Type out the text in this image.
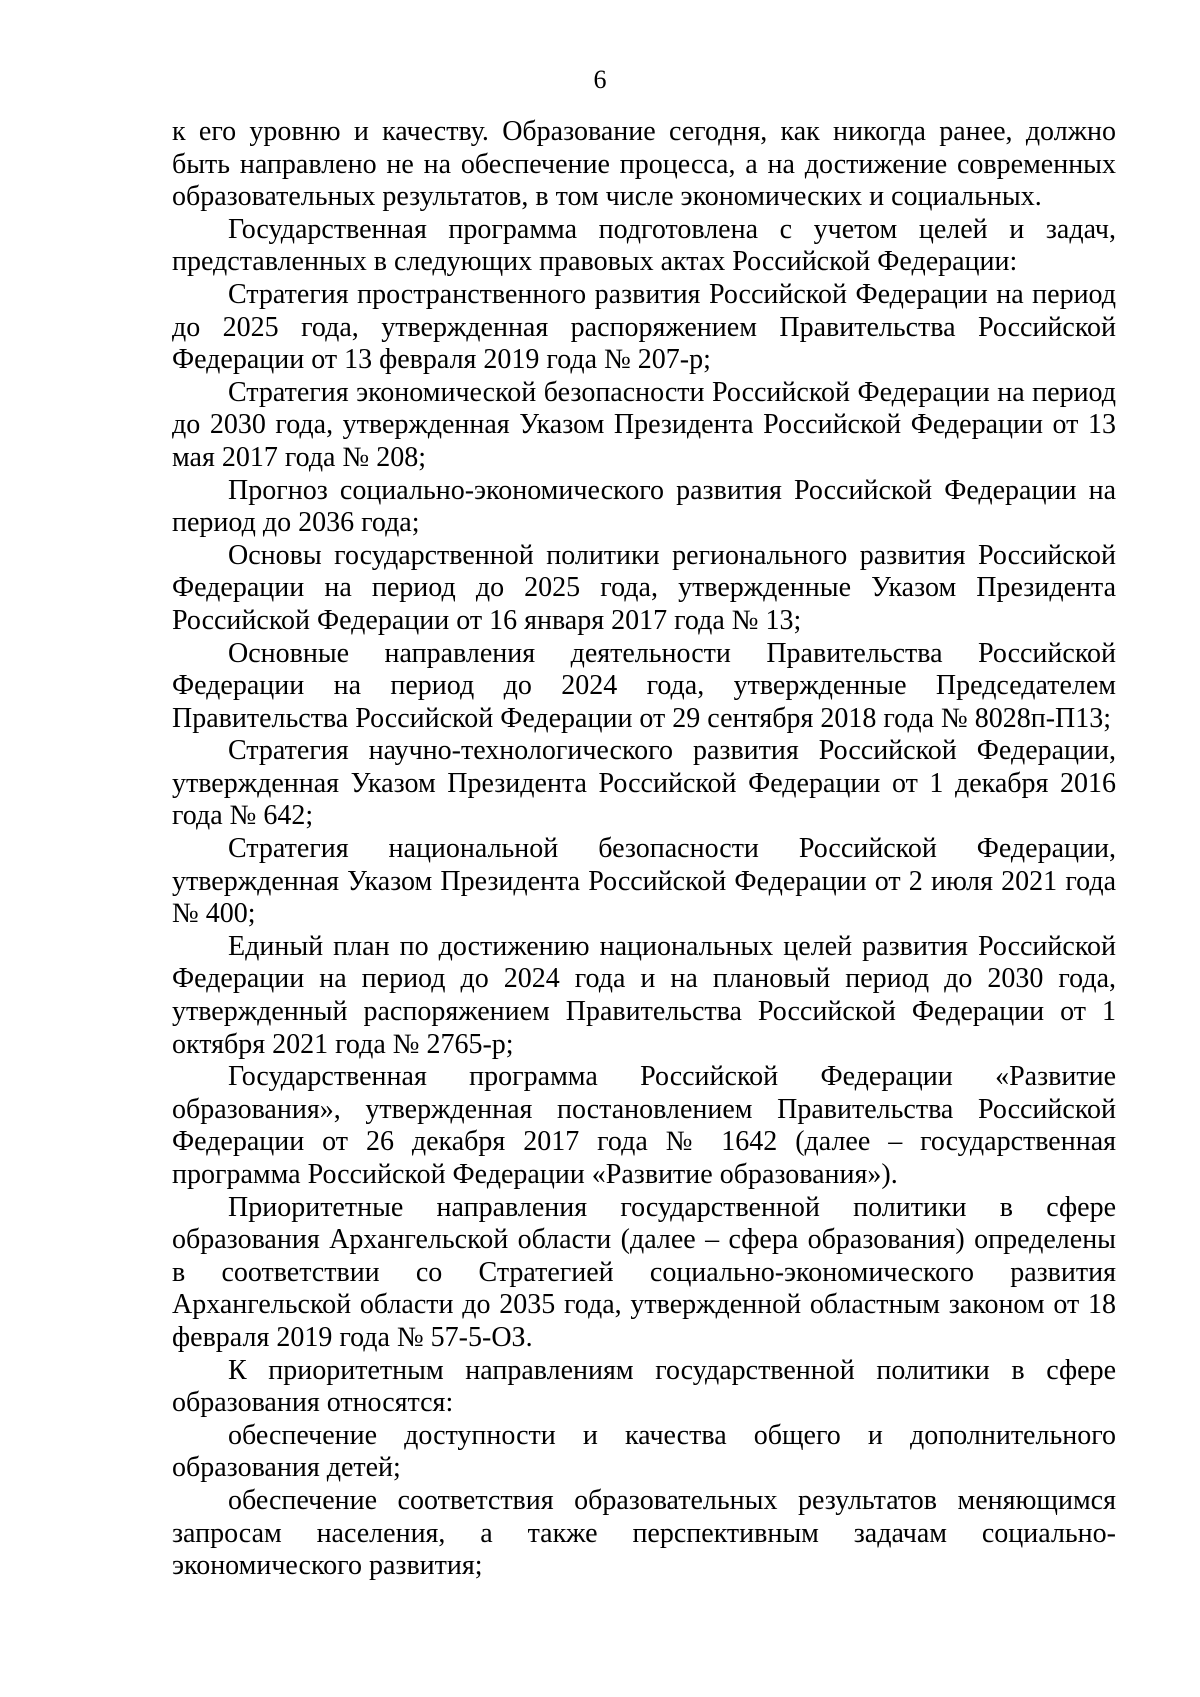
6

к его уровню и качеству. Образование сегодня, как никогда ранее, должно быть направлено не на обеспечение процесса, а на достижение современных образовательных результатов, в том числе экономических и социальных.

Государственная программа подготовлена с учетом целей и задач, представленных в следующих правовых актах Российской Федерации:

Стратегия пространственного развития Российской Федерации на период до 2025 года, утвержденная распоряжением Правительства Российской Федерации от 13 февраля 2019 года № 207-р;

Стратегия экономической безопасности Российской Федерации на период до 2030 года, утвержденная Указом Президента Российской Федерации от 13 мая 2017 года № 208;

Прогноз социально-экономического развития Российской Федерации на период до 2036 года;

Основы государственной политики регионального развития Российской Федерации на период до 2025 года, утвержденные Указом Президента Российской Федерации от 16 января 2017 года № 13;

Основные направления деятельности Правительства Российской Федерации на период до 2024 года, утвержденные Председателем Правительства Российской Федерации от 29 сентября 2018 года № 8028п-П13;

Стратегия научно-технологического развития Российской Федерации, утвержденная Указом Президента Российской Федерации от 1 декабря 2016 года № 642;

Стратегия национальной безопасности Российской Федерации, утвержденная Указом Президента Российской Федерации от 2 июля 2021 года № 400;

Единый план по достижению национальных целей развития Российской Федерации на период до 2024 года и на плановый период до 2030 года, утвержденный распоряжением Правительства Российской Федерации от 1 октября 2021 года № 2765-р;

Государственная программа Российской Федерации «Развитие образования», утвержденная постановлением Правительства Российской Федерации от 26 декабря 2017 года № 1642 (далее – государственная программа Российской Федерации «Развитие образования»).

Приоритетные направления государственной политики в сфере образования Архангельской области (далее – сфера образования) определены в соответствии со Стратегией социально-экономического развития Архангельской области до 2035 года, утвержденной областным законом от 18 февраля 2019 года № 57-5-ОЗ.

К приоритетным направлениям государственной политики в сфере образования относятся:

обеспечение доступности и качества общего и дополнительного образования детей;

обеспечение соответствия образовательных результатов меняющимся запросам населения, а также перспективным задачам социально-экономического развития;
